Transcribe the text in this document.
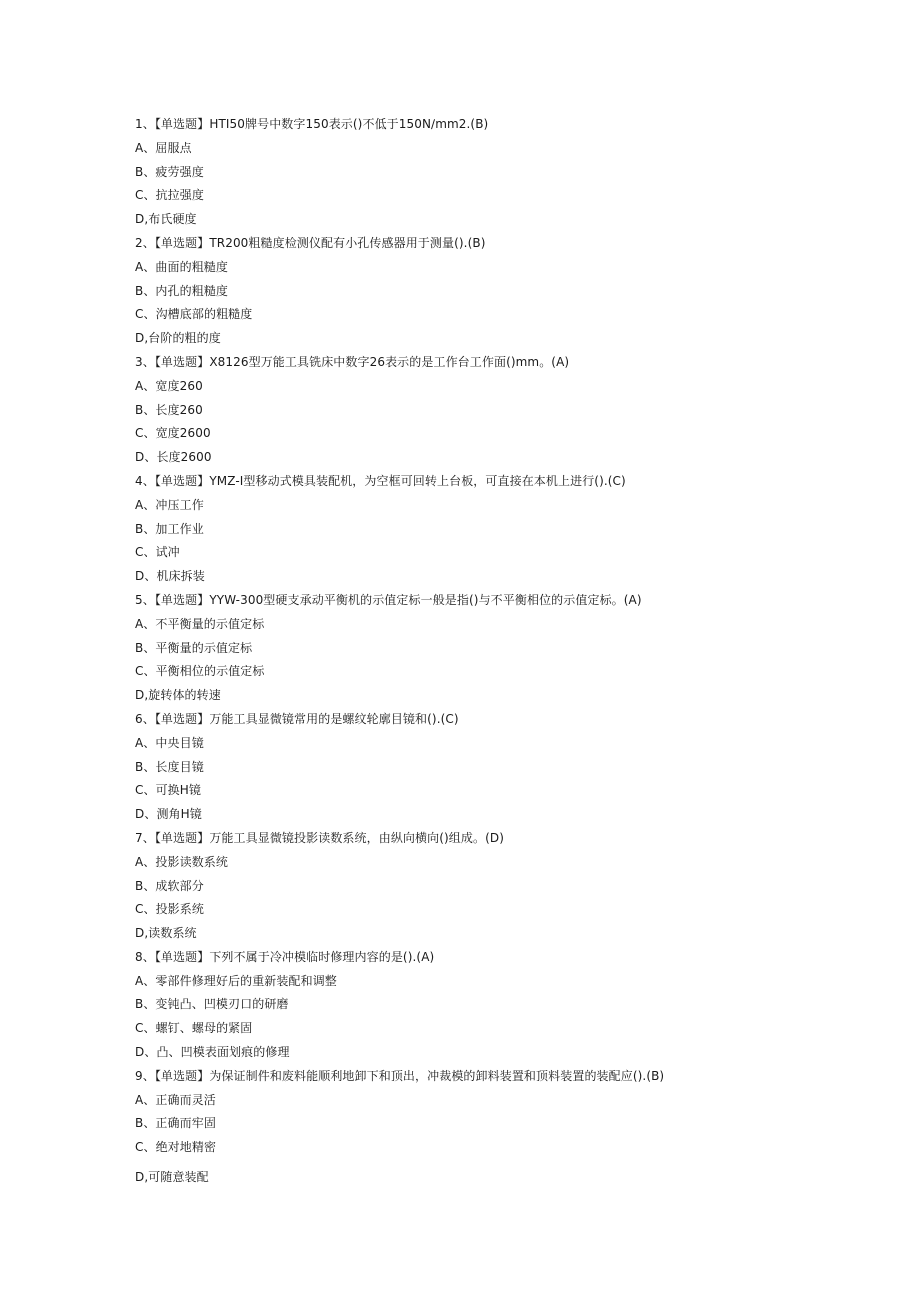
1、【单选题】HTI50牌号中数字150表示()不低于150N∕mm2.(B)
A、屈服点
B、疲劳强度
C、抗拉强度
D,布氏硬度
2、【单选题】TR200粗糙度检测仪配有小孔传感器用于测量().(B)
A、曲面的粗糙度
B、内孔的粗糙度
C、沟槽底部的粗糙度
D,台阶的粗的度
3、【单选题】X8126型万能工具铣床中数字26表示的是工作台工作面()mm。(A)
A、宽度260
B、长度260
C、宽度2600
D、长度2600
4、【单选题】YMZ-I型移动式模具装配机，为空框可回转上台板，可直接在本机上进行().(C)
A、冲压工作
B、加工作业
C、试冲
D、机床拆装
5、【单选题】YYW-300型硬支承动平衡机的示值定标一般是指()与不平衡相位的示值定标。(A)
A、不平衡量的示值定标
B、平衡量的示值定标
C、平衡相位的示值定标
D,旋转体的转速
6、【单选题】万能工具显微镜常用的是螺纹轮廓目镜和().(C)
A、中央目镜
B、长度目镜
C、可换H镜
D、测角H镜
7、【单选题】万能工具显微镜投影读数系统，由纵向横向()组成。(D)
A、投影读数系统
B、成软部分
C、投影系统
D,读数系统
8、【单选题】下列不属于冷冲模临时修理内容的是().(A)
A、零部件修理好后的重新装配和调整
B、变钝凸、凹模刃口的研磨
C、螺钉、螺母的紧固
D、凸、凹模表面划痕的修理
9、【单选题】为保证制件和废料能顺利地卸下和顶出，冲裁模的卸料装置和顶料装置的装配应().(B)
A、正确而灵活
B、正确而牢固
C、绝对地精密
D,可随意装配
